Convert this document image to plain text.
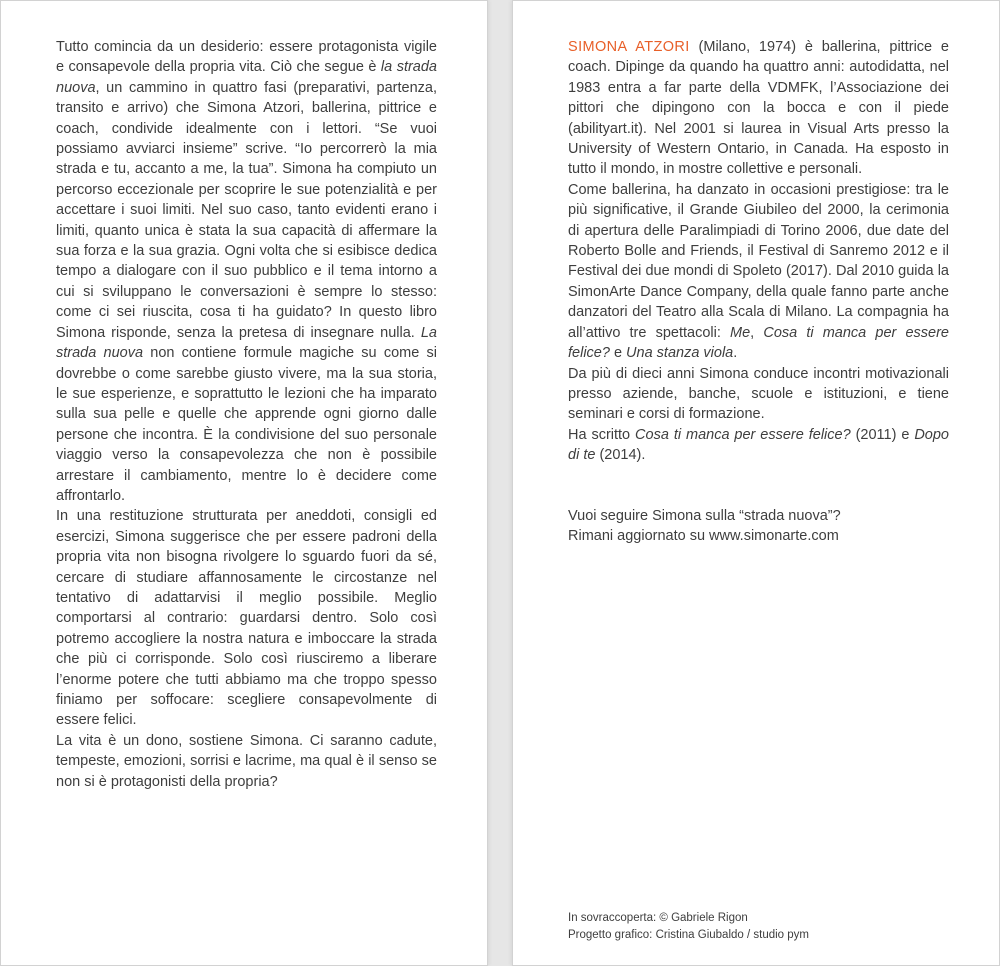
Tutto comincia da un desiderio: essere protagonista vigile e consapevole della propria vita. Ciò che segue è la strada nuova, un cammino in quattro fasi (preparativi, partenza, transito e arrivo) che Simona Atzori, ballerina, pittrice e coach, condivide idealmente con i lettori. “Se vuoi possiamo avviarci insieme” scrive. “Io percorrerò la mia strada e tu, accanto a me, la tua”. Simona ha compiuto un percorso eccezionale per scoprire le sue potenzialità e per accettare i suoi limiti. Nel suo caso, tanto evidenti erano i limiti, quanto unica è stata la sua capacità di affermare la sua forza e la sua grazia. Ogni volta che si esibisce dedica tempo a dialogare con il suo pubblico e il tema intorno a cui si sviluppano le conversazioni è sempre lo stesso: come ci sei riuscita, cosa ti ha guidato? In questo libro Simona risponde, senza la pretesa di insegnare nulla. La strada nuova non contiene formule magiche su come si dovrebbe o come sarebbe giusto vivere, ma la sua storia, le sue esperienze, e soprattutto le lezioni che ha imparato sulla sua pelle e quelle che apprende ogni giorno dalle persone che incontra. È la condivisione del suo personale viaggio verso la consapevolezza che non è possibile arrestare il cambiamento, mentre lo è decidere come affrontarlo.

In una restituzione strutturata per aneddoti, consigli ed esercizi, Simona suggerisce che per essere padroni della propria vita non bisogna rivolgere lo sguardo fuori da sé, cercare di studiare affannosamente le circostanze nel tentativo di adattarvisi il meglio possibile. Meglio comportarsi al contrario: guardarsi dentro. Solo così potremo accogliere la nostra natura e imboccare la strada che più ci corrisponde. Solo così riusciremo a liberare l’enorme potere che tutti abbiamo ma che troppo spesso finiamo per soffocare: scegliere consapevolmente di essere felici.

La vita è un dono, sostiene Simona. Ci saranno cadute, tempeste, emozioni, sorrisi e lacrime, ma qual è il senso se non si è protagonisti della propria?

SIMONA ATZORI (Milano, 1974) è ballerina, pittrice e coach. Dipinge da quando ha quattro anni: autodidatta, nel 1983 entra a far parte della VDMFK, l’Associazione dei pittori che dipingono con la bocca e con il piede (abilityart.it). Nel 2001 si laurea in Visual Arts presso la University of Western Ontario, in Canada. Ha esposto in tutto il mondo, in mostre collettive e personali.

Come ballerina, ha danzato in occasioni prestigiose: tra le più significative, il Grande Giubileo del 2000, la cerimonia di apertura delle Paralimpiadi di Torino 2006, due date del Roberto Bolle and Friends, il Festival di Sanremo 2012 e il Festival dei due mondi di Spoleto (2017). Dal 2010 guida la SimonArte Dance Company, della quale fanno parte anche danzatori del Teatro alla Scala di Milano. La compagnia ha all’attivo tre spettacoli: Me, Cosa ti manca per essere felice? e Una stanza viola.

Da più di dieci anni Simona conduce incontri motivazionali presso aziende, banche, scuole e istituzioni, e tiene seminari e corsi di formazione.

Ha scritto Cosa ti manca per essere felice? (2011) e Dopo di te (2014).

Vuoi seguire Simona sulla “strada nuova”?

Rimani aggiornato su www.simonarte.com

In sovraccoperta: © Gabriele Rigon

Progetto grafico: Cristina Giubaldo / studio pym
